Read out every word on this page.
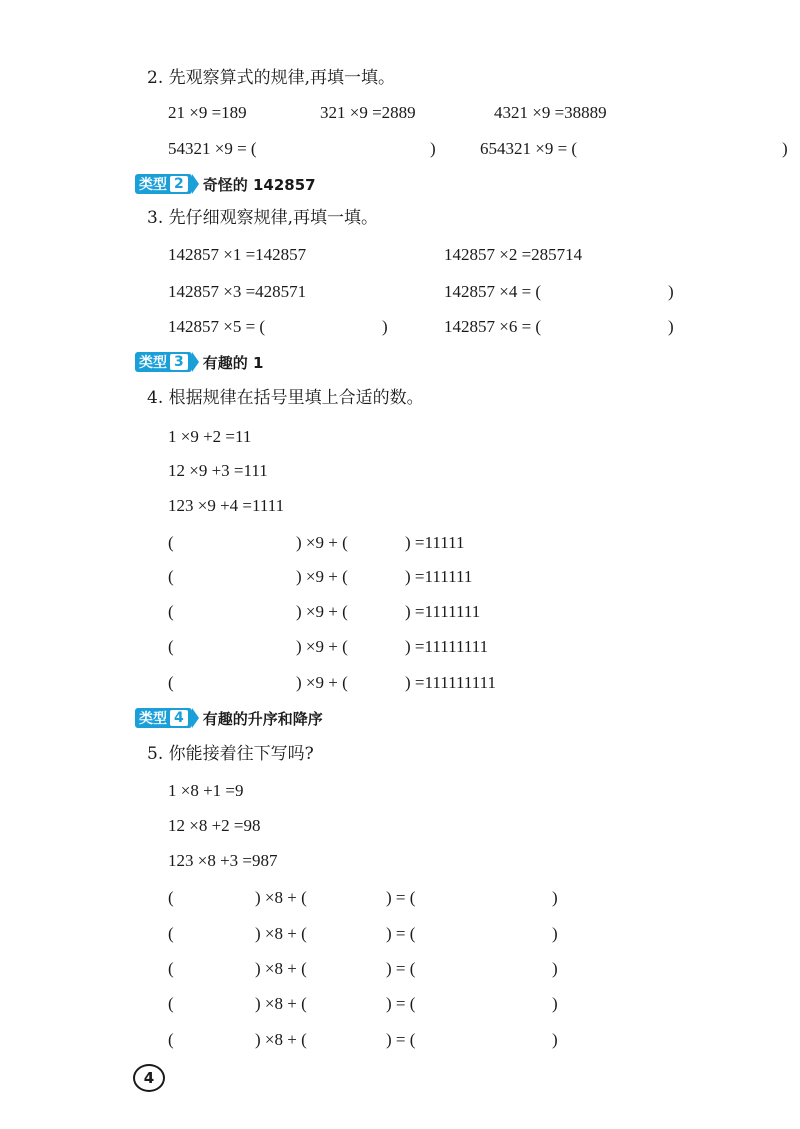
2. 先观察算式的规律,再填一填。
21 ×9 =189	321 ×9 =2889	4321 ×9 =38889
54321 ×9 = (	)	654321 ×9 = (	)
类型 2 奇怪的 142857
3. 先仔细观察规律,再填一填。
142857 ×1 =142857	142857 ×2 =285714
142857 ×3 =428571	142857 ×4 = (	)
142857 ×5 = (	)	142857 ×6 = (	)
类型 3 有趣的 1
4. 根据规律在括号里填上合适的数。
1 ×9 +2 =11
12 ×9 +3 =111
123 ×9 +4 =1111
(	) ×9 + (	) =11111
(	) ×9 + (	) =111111
(	) ×9 + (	) =1111111
(	) ×9 + (	) =11111111
(	) ×9 + (	) =111111111
类型 4 有趣的升序和降序
5. 你能接着往下写吗?
1 ×8 +1 =9
12 ×8 +2 =98
123 ×8 +3 =987
(	) ×8 + (	) = (	)
(	) ×8 + (	) = (	)
(	) ×8 + (	) = (	)
(	) ×8 + (	) = (	)
(	) ×8 + (	) = (	)
4
